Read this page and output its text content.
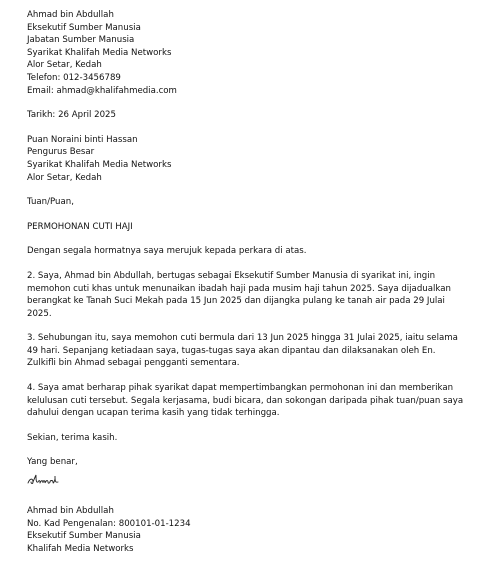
Ahmad bin Abdullah
Eksekutif Sumber Manusia
Jabatan Sumber Manusia
Syarikat Khalifah Media Networks
Alor Setar, Kedah
Telefon: 012-3456789
Email: ahmad@khalifahmedia.com
Tarikh: 26 April 2025
Puan Noraini binti Hassan
Pengurus Besar
Syarikat Khalifah Media Networks
Alor Setar, Kedah
Tuan/Puan,
PERMOHONAN CUTI HAJI
Dengan segala hormatnya saya merujuk kepada perkara di atas.
2. Saya, Ahmad bin Abdullah, bertugas sebagai Eksekutif Sumber Manusia di syarikat ini, ingin memohon cuti khas untuk menunaikan ibadah haji pada musim haji tahun 2025. Saya dijadualkan berangkat ke Tanah Suci Mekah pada 15 Jun 2025 dan dijangka pulang ke tanah air pada 29 Julai 2025.
3. Sehubungan itu, saya memohon cuti bermula dari 13 Jun 2025 hingga 31 Julai 2025, iaitu selama 49 hari. Sepanjang ketiadaan saya, tugas-tugas saya akan dipantau dan dilaksanakan oleh En. Zulkifli bin Ahmad sebagai pengganti sementara.
4. Saya amat berharap pihak syarikat dapat mempertimbangkan permohonan ini dan memberikan kelulusan cuti tersebut. Segala kerjasama, budi bicara, dan sokongan daripada pihak tuan/puan saya dahului dengan ucapan terima kasih yang tidak terhingga.
Sekian, terima kasih.
Yang benar,
Ahmad bin Abdullah
No. Kad Pengenalan: 800101-01-1234
Eksekutif Sumber Manusia
Khalifah Media Networks
